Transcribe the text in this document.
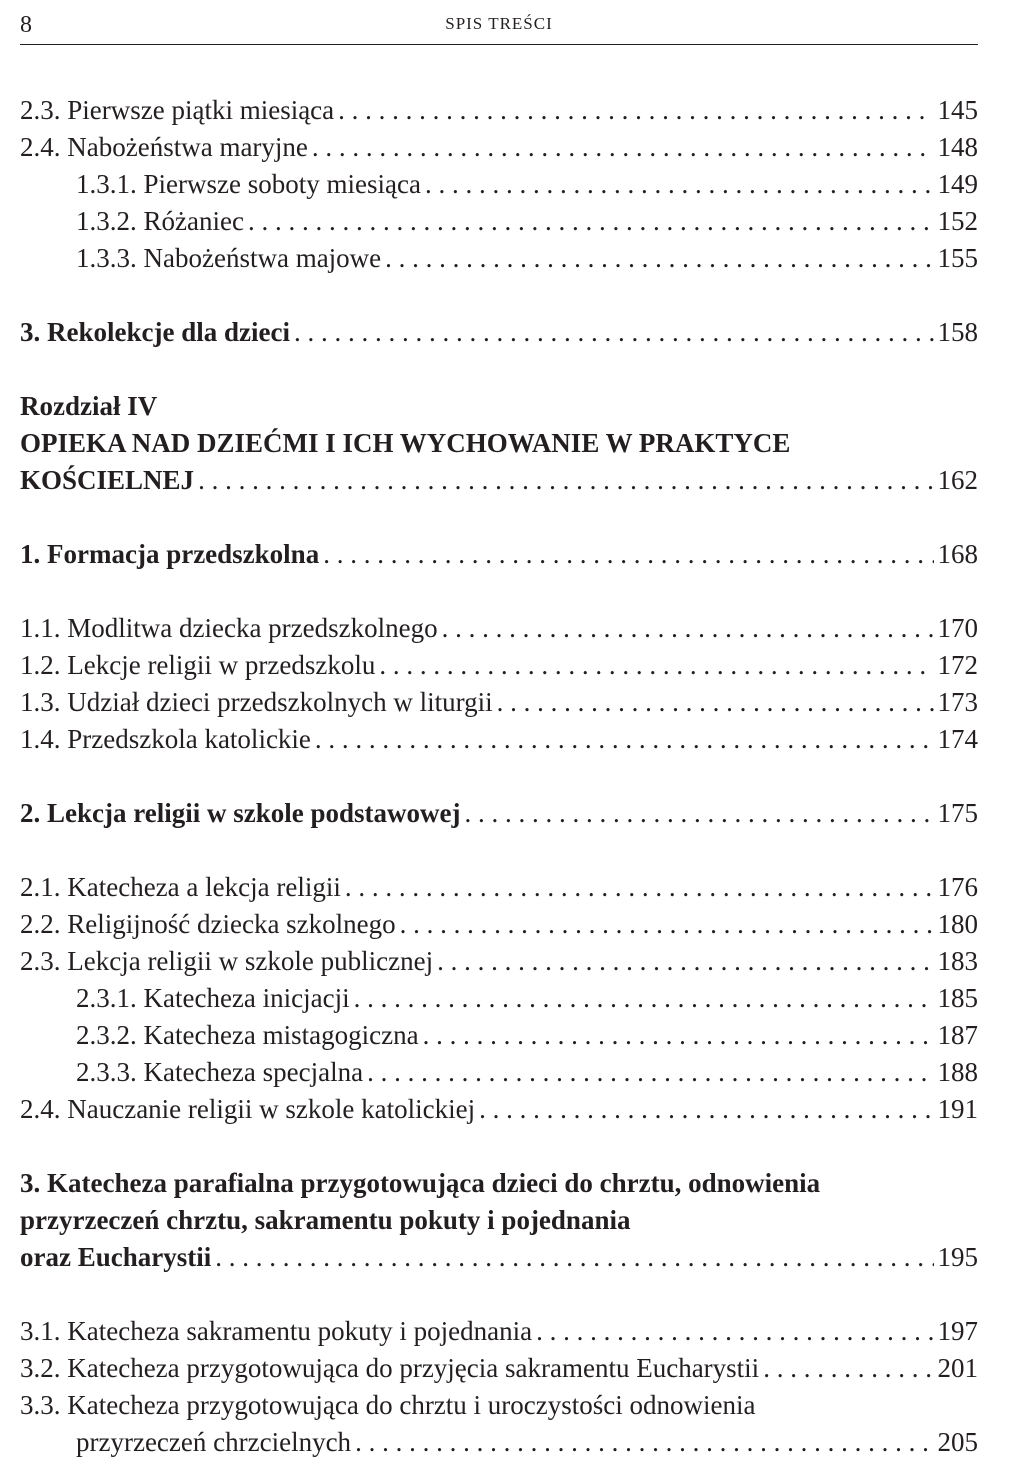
8	SPIS TREŚCI
2.3. Pierwsze piątki miesiąca . . .	145
2.4. Nabożeństwa maryjne . . .	148
1.3.1. Pierwsze soboty miesiąca . . .	149
1.3.2. Różaniec . . .	152
1.3.3. Nabożeństwa majowe . . .	155
3. Rekolekcje dla dzieci . . .	158
Rozdział IV
OPIEKA NAD DZIEĆMI I ICH WYCHOWANIE W PRAKTYCE
KOŚCIELNEJ . . .	162
1. Formacja przedszkolna . . .	168
1.1. Modlitwa dziecka przedszkolnego . . .	170
1.2. Lekcje religii w przedszkolu . . .	172
1.3. Udział dzieci przedszkolnych w liturgii . . .	173
1.4. Przedszkola katolickie . . .	174
2. Lekcja religii w szkole podstawowej . . .	175
2.1. Katecheza a lekcja religii . . .	176
2.2. Religijność dziecka szkolnego . . .	180
2.3. Lekcja religii w szkole publicznej . . .	183
2.3.1. Katecheza inicjacji . . .	185
2.3.2. Katecheza mistagogiczna . . .	187
2.3.3. Katecheza specjalna . . .	188
2.4. Nauczanie religii w szkole katolickiej . . .	191
3. Katecheza parafialna przygotowująca dzieci do chrztu, odnowienia
przyrzeczeń chrztu, sakramentu pokuty i pojednania
oraz Eucharystii . . .	195
3.1. Katecheza sakramentu pokuty i pojednania . . .	197
3.2. Katecheza przygotowująca do przyjęcia sakramentu Eucharystii . . .	201
3.3. Katecheza przygotowująca do chrztu i uroczystości odnowienia
przyrzeczeń chrzcielnych . . .	205
